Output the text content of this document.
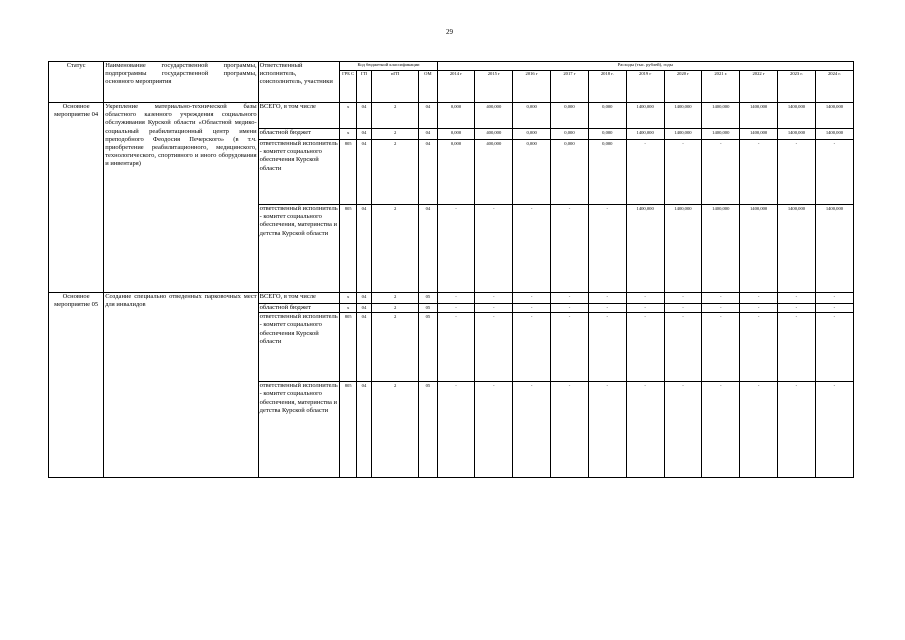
29
Статус	Наименование государственной программы, подпрограммы государственной программы, основного мероприятия	Ответственный исполнитель, соисполнитель, участники	Код бюджетной классификации				Расходы (тыс. рублей), годы										
			ГРБ С	ГП	пГП	ОМ	2014 г	2015 г	2016 г	2017 г	2018 г.	2019 г	2020 г	2021 г.	2022 г	2023 г.	2024 г.
Основное мероприятие 04	Укрепление материально-технической базы областного казенного учреждения социального обслуживания Курской области «Областной медико-социальный реабилитационный центр имени преподобного Феодосия Печерского» (в т.ч. приобретение реабилитационного, медицинского, технологического, спортивного и иного оборудования и инвентаря)	ВСЕГО, в том числе	x	04	2	04	0,000	400,000	0,000	0,000	0,000	1400,000	1400,000	1400,000	1400,000	1400,000	1400,000
		областной бюджет	x	04	2	04	0,000	400,000	0,000	0,000	0,000	1400,000	1400,000	1400,000	1400,000	1400,000	1400,000
		ответственный исполнитель - комитет социального обеспечения Курской области	805	04	2	04	0,000	400,000	0,000	0,000	0,000	-	-	-	-	-	-
		ответственный исполнитель - комитет социального обеспечения, материнства и детства Курской области	805	04	2	04	-	-	-	-	-	1400,000	1400,000	1400,000	1400,000	1400,000	1400,000
Основное мероприятие 05	Создание специально отведенных парковочных мест для инвалидов	ВСЕГО, в том числе	x	04	2	05	-	-	-	-	-	-	-	-	-	-	-
		областной бюджет	x	04	2	05	-	-	-	-	-	-	-	-	-	-	-
		ответственный исполнитель - комитет социального обеспечения Курской области	805	04	2	05	-	-	-	-	-	-	-	-	-	-	-
		ответственный исполнитель - комитет социального обеспечения, материнства и детства Курской области	805	04	2	05	-	-	-	-	-	-	-	-	-	-	-
